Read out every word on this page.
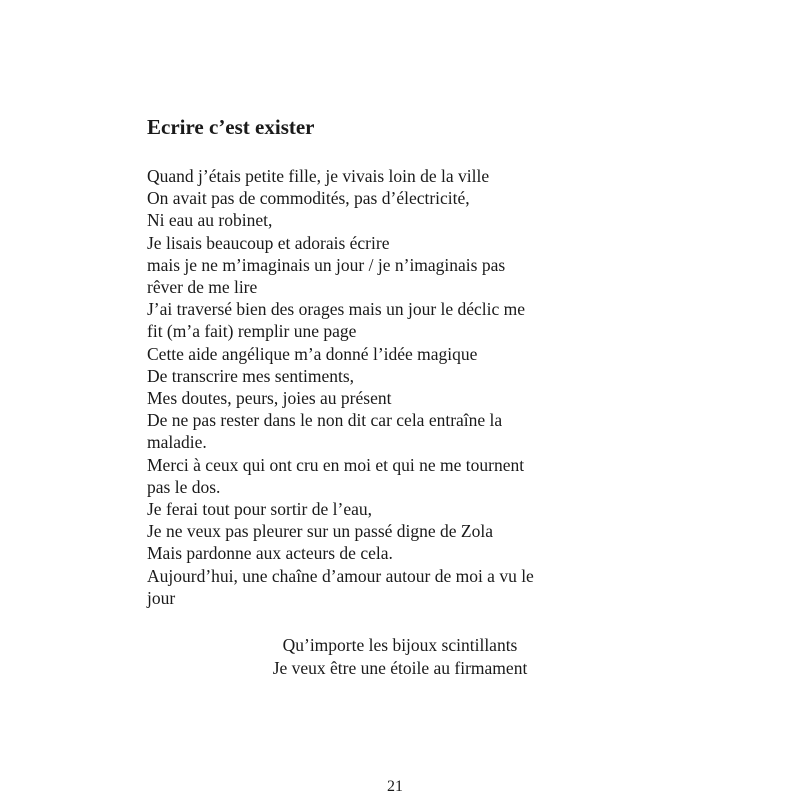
Ecrire c’est exister
Quand j’étais petite fille, je vivais loin de la ville
On avait pas de commodités, pas d’électricité,
Ni eau au robinet,
Je lisais beaucoup et adorais écrire
mais je ne m’imaginais un jour / je n’imaginais pas
rêver de me lire
J’ai traversé bien des orages mais un jour le déclic me
fit (m’a fait) remplir une page
Cette aide angélique m’a donné l’idée magique
De transcrire mes sentiments,
Mes doutes, peurs, joies au présent
De ne pas rester dans le non dit car cela entraîne la
maladie.
Merci à ceux qui ont cru en moi et qui ne me tournent
pas le dos.
Je ferai tout pour sortir de l’eau,
Je ne veux pas pleurer sur un passé digne de Zola
Mais pardonne aux acteurs de cela.
Aujourd’hui, une chaîne d’amour autour de moi a vu le
jour
Qu’importe les bijoux scintillants
Je veux être une étoile au firmament
21
